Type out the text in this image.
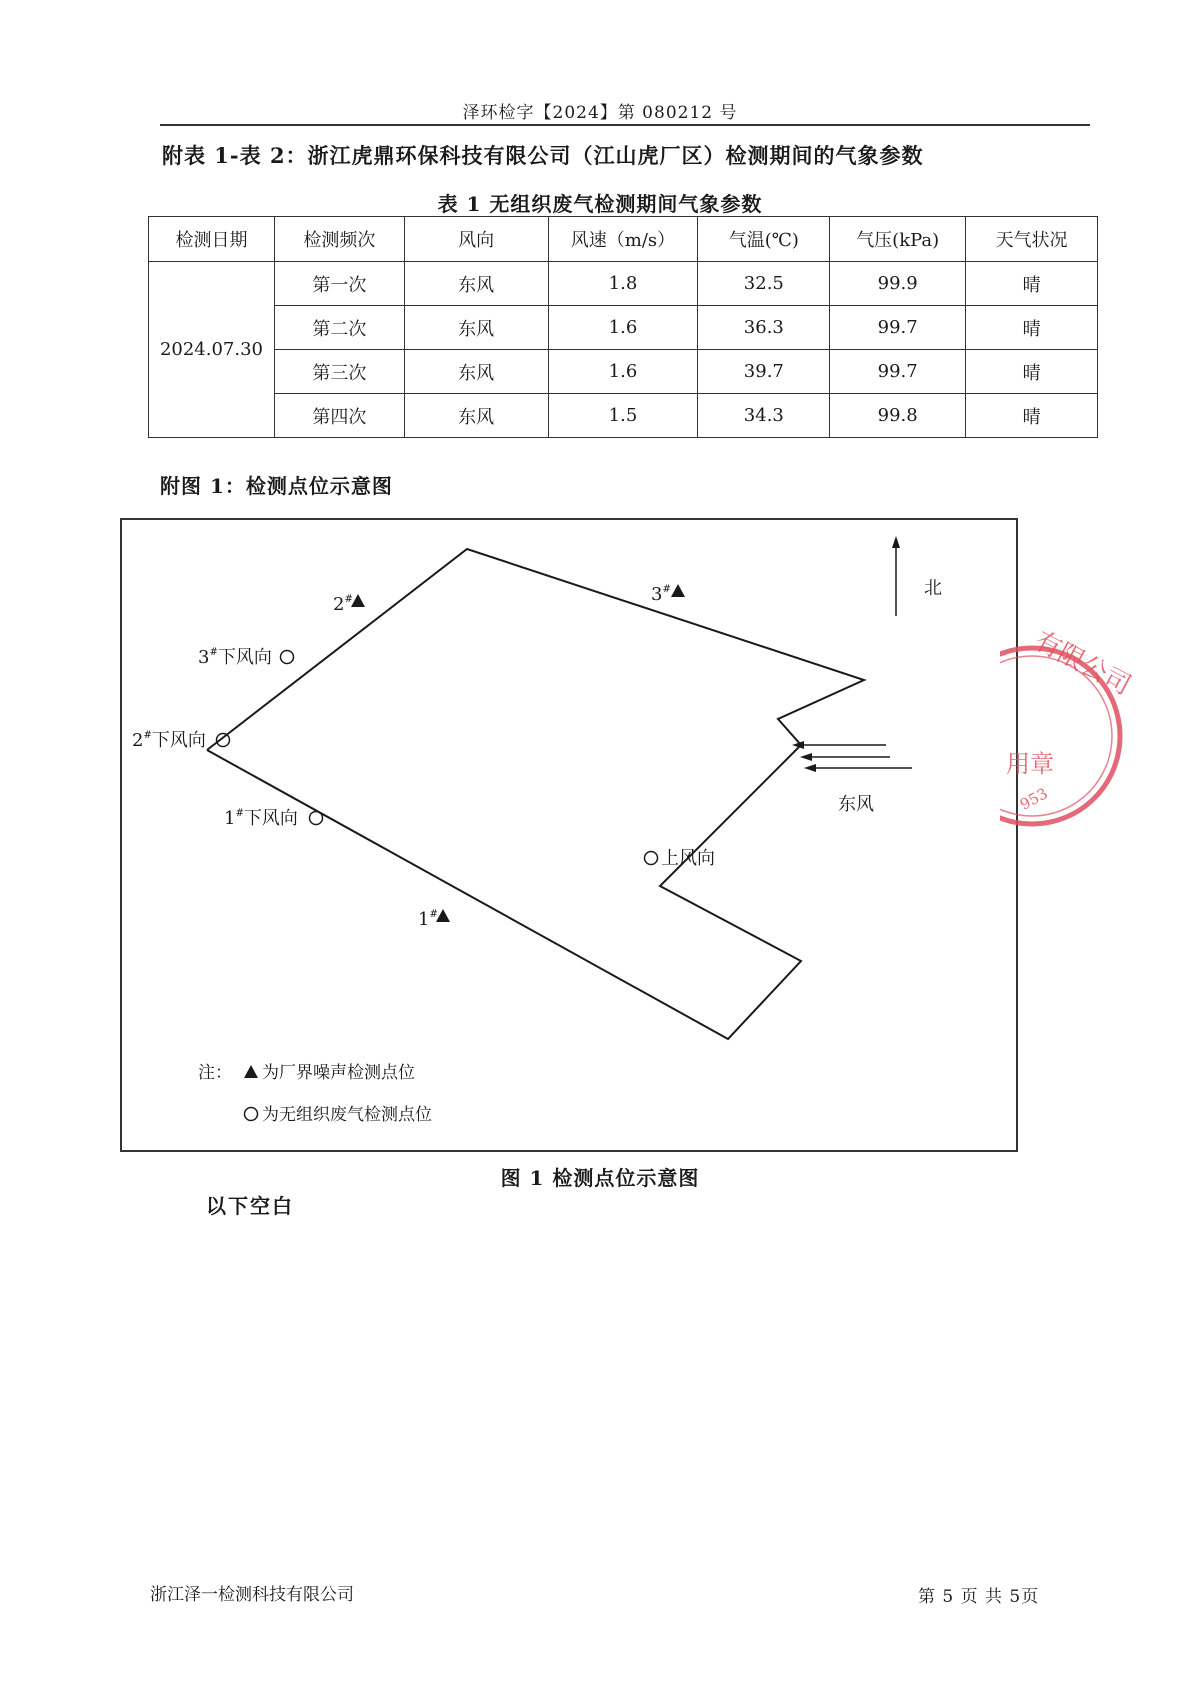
泽环检字【2024】第 080212 号
附表 1-表 2：浙江虎鼎环保科技有限公司（江山虎厂区）检测期间的气象参数
表 1 无组织废气检测期间气象参数
检测日期	检测频次	风向	风速（m/s）	气温(℃)	气压(kPa)	天气状况
2024.07.30	第一次	东风	1.8	32.5	99.9	晴
	第二次	东风	1.6	36.3	99.7	晴
	第三次	东风	1.6	39.7	99.7	晴
	第四次	东风	1.5	34.3	99.8	晴
附图 1：检测点位示意图
北
东风
2#	3#
1#
3#下风向
2#下风向
1#下风向
上风向
注： 为厂界噪声检测点位
为无组织废气检测点位
图 1 检测点位示意图
以下空白
有限公司
用章
953
浙江泽一检测科技有限公司	第 5 页 共 5页
